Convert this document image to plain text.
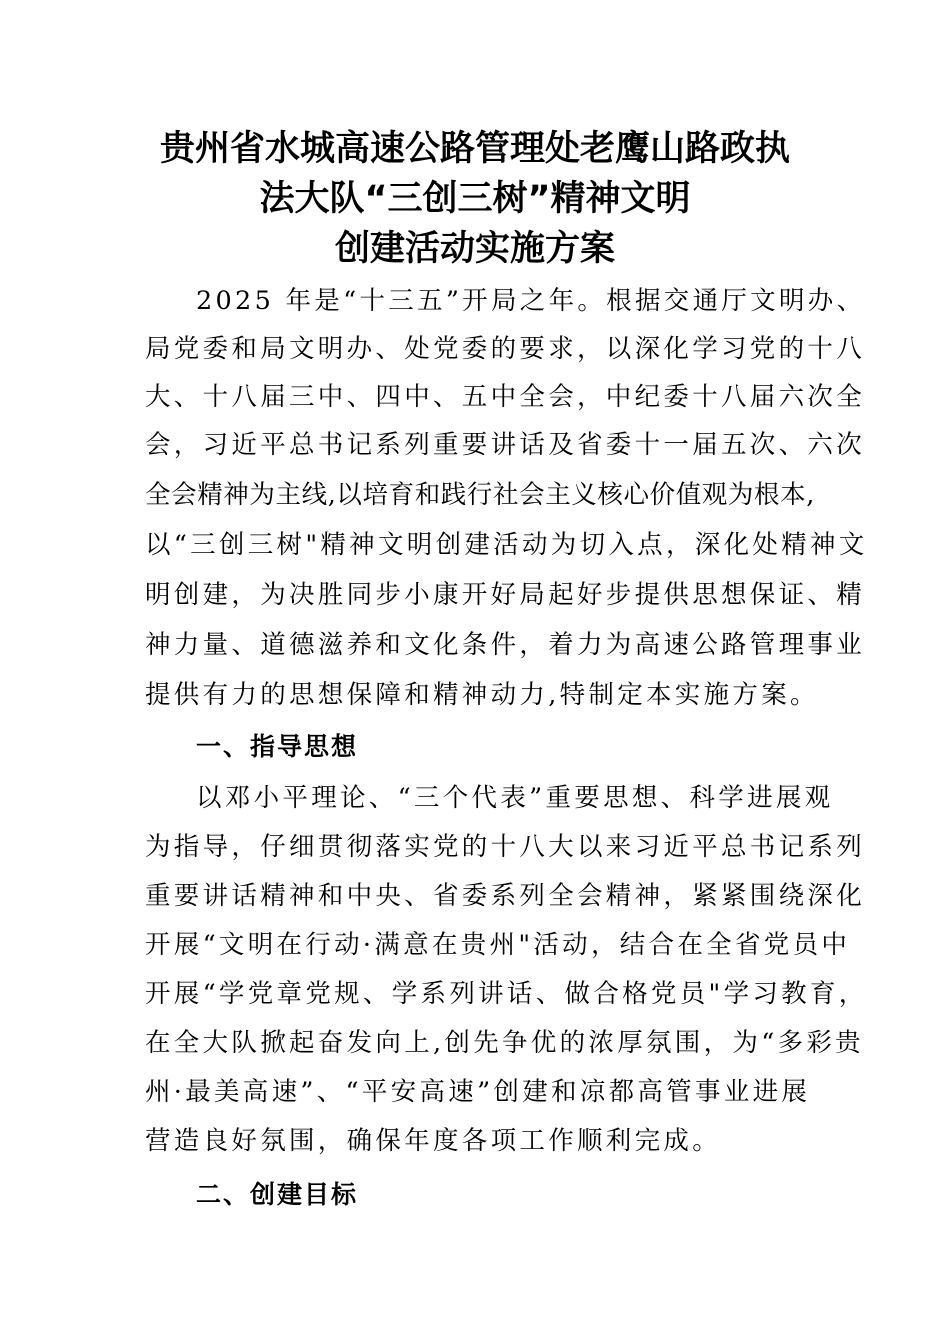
贵州省水城高速公路管理处老鹰山路政执
法大队“三创三树”精神文明
创建活动实施方案
2025 年是“十三五”开局之年。根据交通厅文明办、
局党委和局文明办、处党委的要求，以深化学习党的十八
大、十八届三中、四中、五中全会，中纪委十八届六次全
会，习近平总书记系列重要讲话及省委十一届五次、六次
全会精神为主线,以培育和践行社会主义核心价值观为根本,
以“三创三树"精神文明创建活动为切入点，深化处精神文
明创建，为决胜同步小康开好局起好步提供思想保证、精
神力量、道德滋养和文化条件，着力为高速公路管理事业
提供有力的思想保障和精神动力,特制定本实施方案。
一、指导思想
以邓小平理论、“三个代表”重要思想、科学进展观
为指导，仔细贯彻落实党的十八大以来习近平总书记系列
重要讲话精神和中央、省委系列全会精神，紧紧围绕深化
开展“文明在行动·满意在贵州"活动，结合在全省党员中
开展“学党章党规、学系列讲话、做合格党员"学习教育，
在全大队掀起奋发向上,创先争优的浓厚氛围，为“多彩贵
州·最美高速”、“平安高速”创建和凉都高管事业进展
营造良好氛围，确保年度各项工作顺利完成。
二、创建目标
